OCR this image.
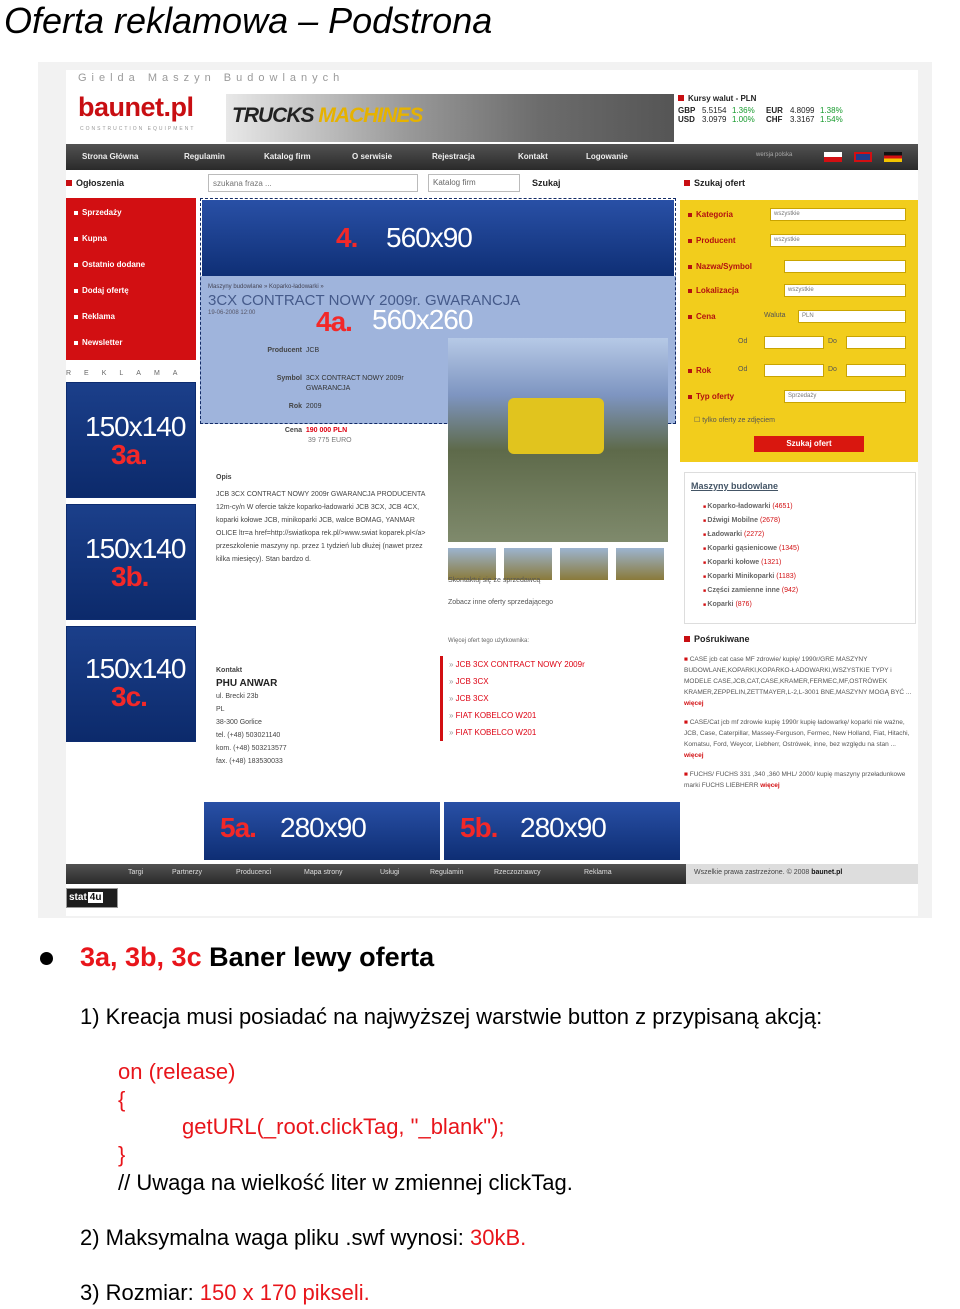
Oferta reklamowa – Podstrona
Gielda Maszyn Budowlanych
baunet.pl
CONSTRUCTION EQUIPMENT
TRUCKS MACHINES
Kursy walut - PLN
GBP 5.5154 1.36% EUR 4.8099 1.38%
USD 3.0979 1.00% CHF 3.3167 1.54%
Strona Główna	Regulamin	Katalog firm	O serwisie	Rejestracja	Kontakt	Logowanie	wersja polska
Ogłoszenia
Sprzedaży
Kupna
Ostatnio dodane
Dodaj ofertę
Reklama
Newsletter
REKLAMA
150x140
3a.
150x140
3b.
150x140
3c.
szukana fraza ...
Katalog firm	Szukaj
4. 560x90
Maszyny budowlane » Koparko-ładowarki »
3CX CONTRACT NOWY 2009r. GWARANCJA
19-06-2008 12:00 4a. 560x260
Producent JCB
Symbol 3CX CONTRACT NOWY 2009r GWARANCJA
Rok 2009
Cena 190 000 PLN
39 775 EURO
Opis
JCB 3CX CONTRACT NOWY 2009r GWARANCJA PRODUCENTA 12m-cy/n W ofercie także koparko-ładowarki JCB 3CX, JCB 4CX, koparki kołowe JCB, minikoparki JCB, walce BOMAG, YANMAR OLICE ltr=a href=http://swiatkopa rek.pl/>www.swiat koparek.pl</a> przeszkolenie maszyny np. przez 1 tydzień lub dłużej (nawet przez kilka miesięcy). Stan bardzo d.
Kontakt
PHU ANWAR
ul. Brecki 23b
PL
38-300 Gorlice
tel. (+48) 503021140
kom. (+48) 503213577
fax. (+48) 183530033
Skontaktuj się ze sprzedawcą
Zobacz inne oferty sprzedającego
Więcej ofert tego użytkownika:
» JCB 3CX CONTRACT NOWY 2009r
» JCB 3CX
» JCB 3CX
» FIAT KOBELCO W201
» FIAT KOBELCO W201
5a. 280x90	5b. 280x90
Szukaj ofert
Kategoria	wszystkie
Producent	wszystkie
Nazwa/Symbol
Lokalizacja	wszystkie
Cena	Waluta	PLN
Od	Do
Rok	Od	Do
Typ oferty	Sprzedaży
☐ tylko oferty ze zdjęciem
Szukaj ofert
Maszyny budowlane
■ Koparko-ładowarki (4651)
■ Dźwigi Mobilne (2678)
■ Ładowarki (2272)
■ Koparki gąsienicowe (1345)
■ Koparki kołowe (1321)
■ Koparki Minikoparki (1183)
■ Części zamienne inne (942)
■ Koparki (876)
Pośrukiwane
■ CASE jcb cat case MF zdrowie/ kupię/ 1990r/GRE MASZYNY BUDOWLANE,KOPARKI,KOPARKO-ŁADOWARKI,WSZYSTKIE TYPY i MODELE CASE,JCB,CAT,CASE,KRAMER,FERMEC,MF,OSTRÓWEK KRAMER,ZEPPELIN,ZETTMAYER,L-2,L-3001 BNE,MASZYNY MOGĄ BYĆ ... więcej
■ CASE/Cat jcb mf zdrowie kupię 1990r kupię ładowarkę/ koparki nie ważne, JCB, Case, Caterpillar, Massey-Ferguson, Fermec, New Holland, Fiat, Hitachi, Komatsu, Ford, Weycor, Liebherr, Ostrówek, inne, bez względu na stan ... więcej
■ FUCHS/ FUCHS 331 ,340 ,360 MHL/ 2000/ kupię maszyny przeładunkowe marki FUCHS LIEBHERR więcej
Targi	Partnerzy	Producenci	Mapa strony	Usługi	Regulamin	Rzeczoznawcy	Reklama	Wszelkie prawa zastrzeżone. © 2008 baunet.pl
stat 4u
3a, 3b, 3c Baner lewy oferta
1) Kreacja musi posiadać na najwyższej warstwie button z przypisaną akcją:
on (release)
{
getURL(_root.clickTag, "_blank");
}
// Uwaga na wielkość liter w zmiennej clickTag.
2) Maksymalna waga pliku .swf wynosi: 30kB.
3) Rozmiar: 150 x 170 pikseli.
